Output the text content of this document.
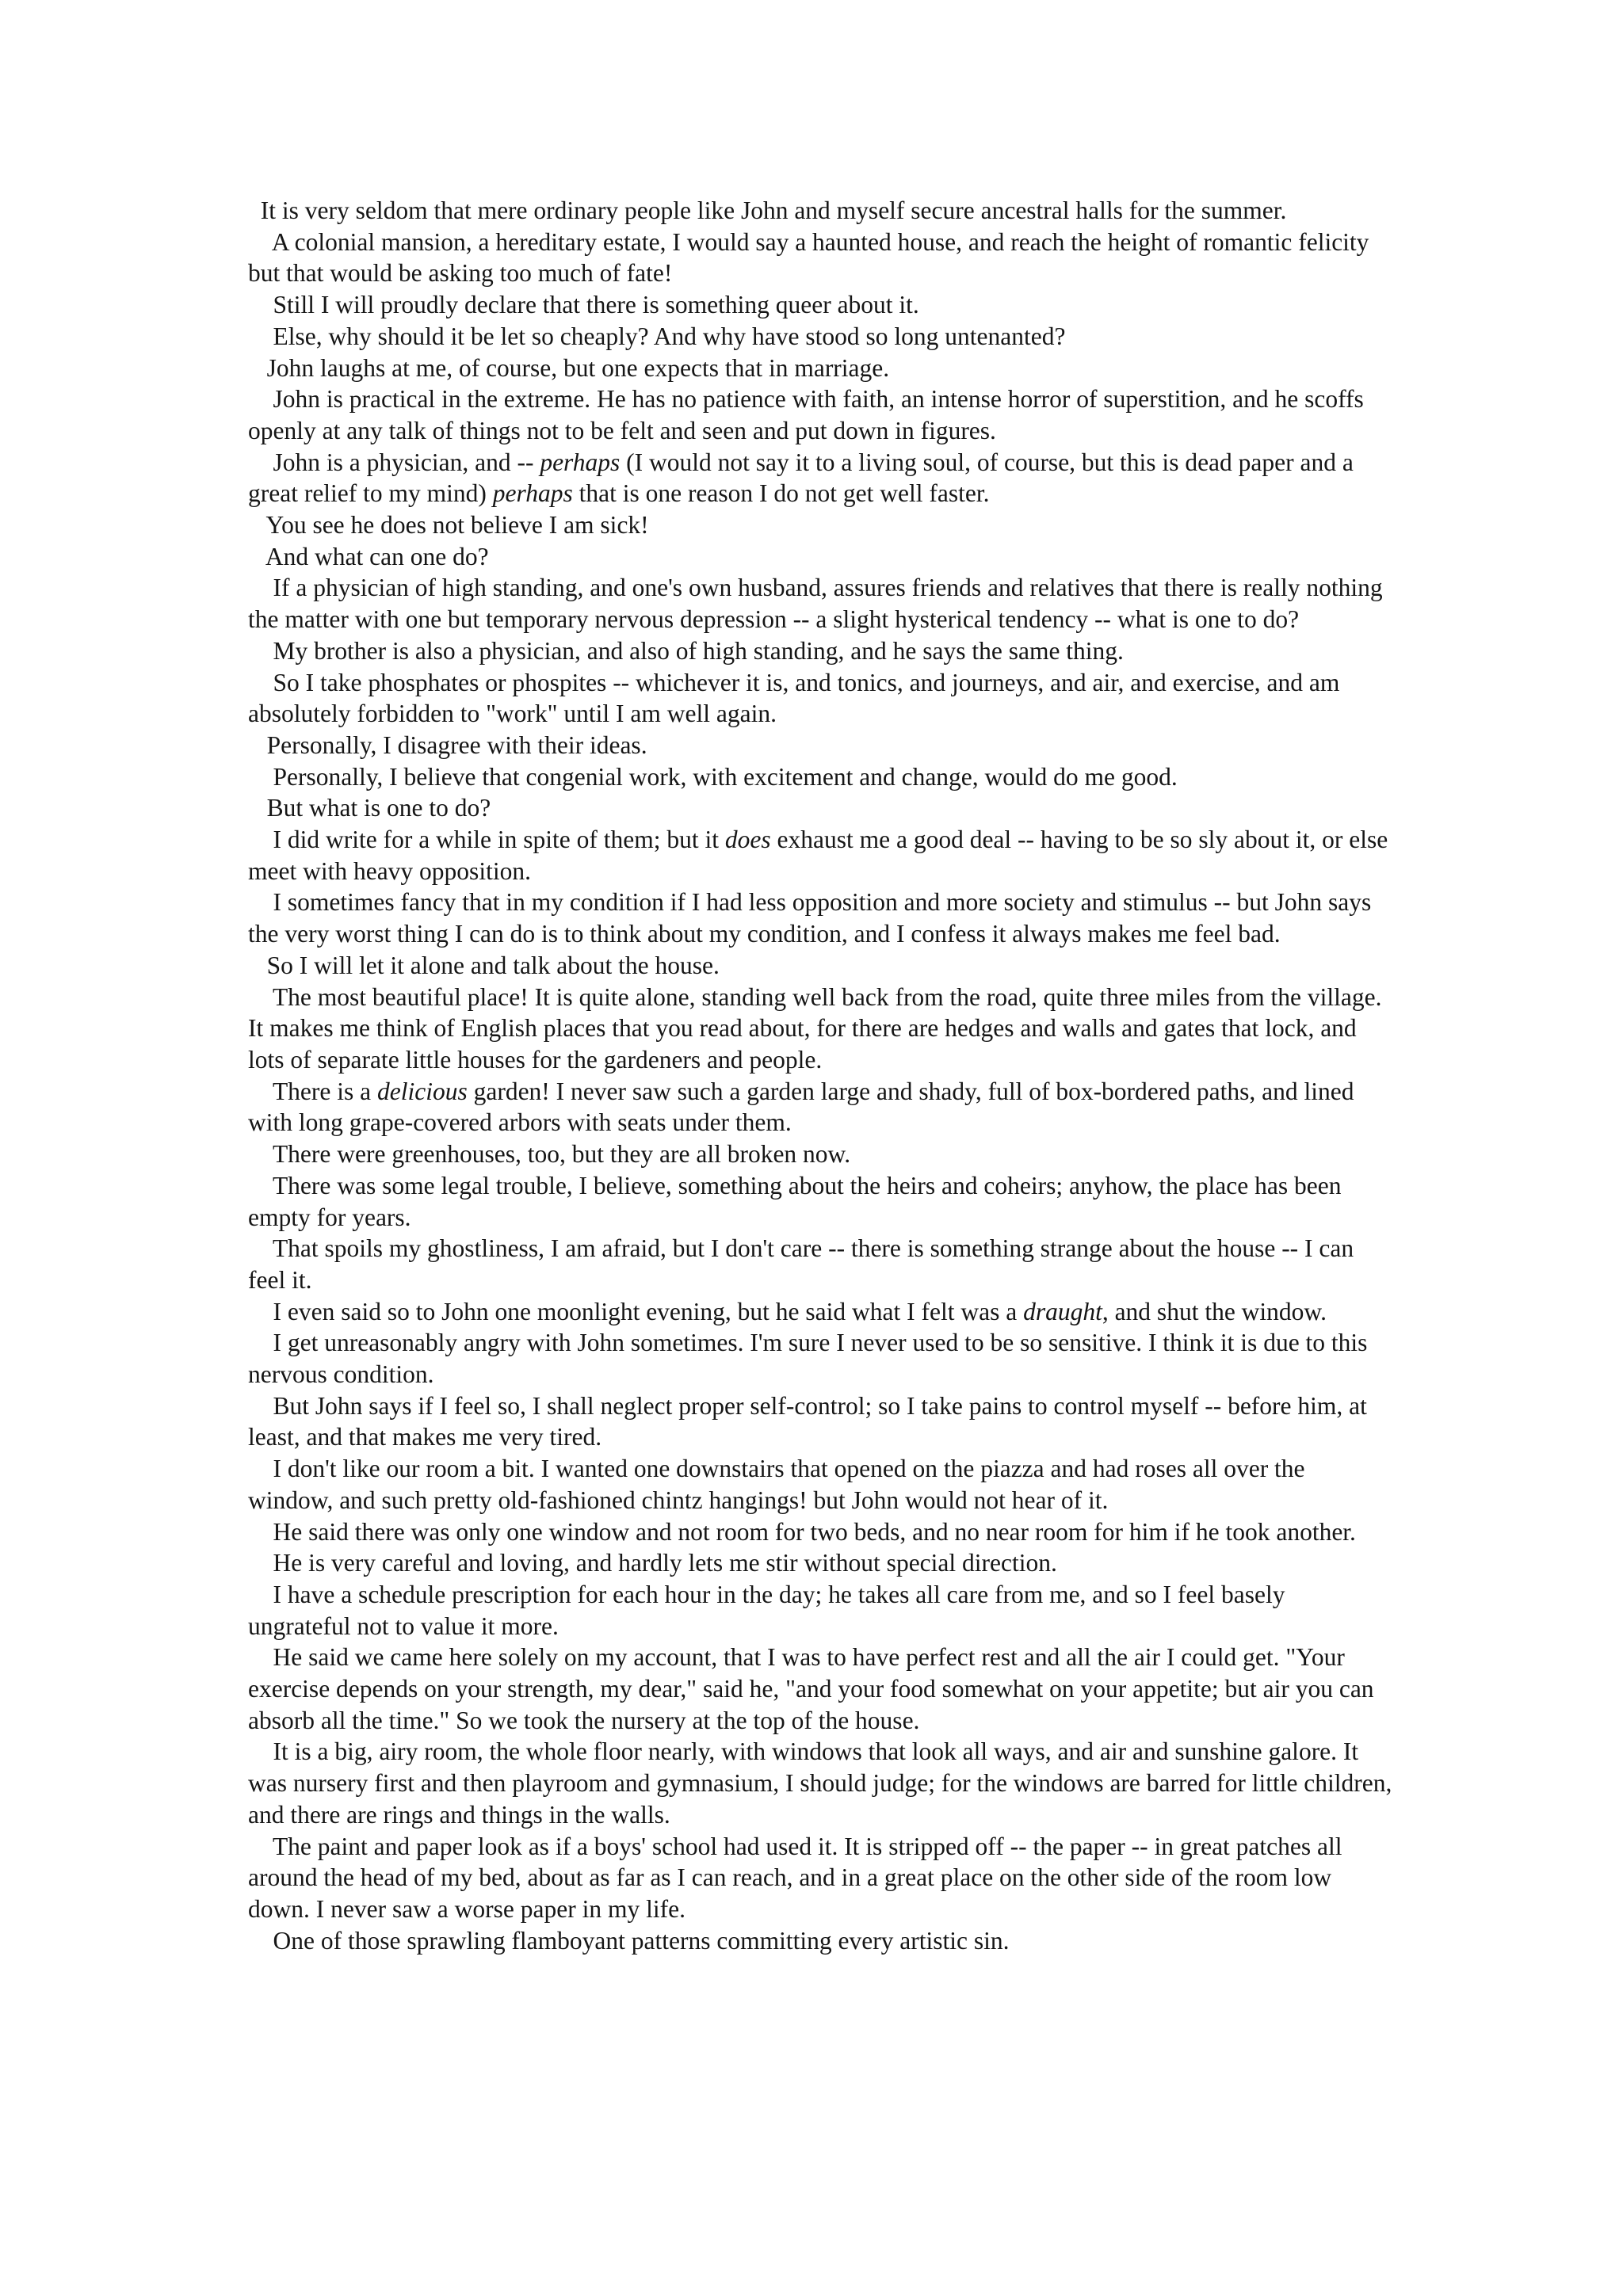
It is very seldom that mere ordinary people like John and myself secure ancestral halls for the summer.

A colonial mansion, a hereditary estate, I would say a haunted house, and reach the height of romantic felicity but that would be asking too much of fate!

Still I will proudly declare that there is something queer about it.

Else, why should it be let so cheaply? And why have stood so long untenanted?

John laughs at me, of course, but one expects that in marriage.

John is practical in the extreme. He has no patience with faith, an intense horror of superstition, and he scoffs openly at any talk of things not to be felt and seen and put down in figures.

John is a physician, and -- perhaps (I would not say it to a living soul, of course, but this is dead paper and a great relief to my mind) perhaps that is one reason I do not get well faster.

You see he does not believe I am sick!

And what can one do?

If a physician of high standing, and one's own husband, assures friends and relatives that there is really nothing the matter with one but temporary nervous depression -- a slight hysterical tendency -- what is one to do?

My brother is also a physician, and also of high standing, and he says the same thing.

So I take phosphates or phospites -- whichever it is, and tonics, and journeys, and air, and exercise, and am absolutely forbidden to "work" until I am well again.

Personally, I disagree with their ideas.

Personally, I believe that congenial work, with excitement and change, would do me good.

But what is one to do?

I did write for a while in spite of them; but it does exhaust me a good deal -- having to be so sly about it, or else meet with heavy opposition.

I sometimes fancy that in my condition if I had less opposition and more society and stimulus -- but John says the very worst thing I can do is to think about my condition, and I confess it always makes me feel bad.

So I will let it alone and talk about the house.

The most beautiful place! It is quite alone, standing well back from the road, quite three miles from the village. It makes me think of English places that you read about, for there are hedges and walls and gates that lock, and lots of separate little houses for the gardeners and people.

There is a delicious garden! I never saw such a garden large and shady, full of box-bordered paths, and lined with long grape-covered arbors with seats under them.

There were greenhouses, too, but they are all broken now.

There was some legal trouble, I believe, something about the heirs and coheirs; anyhow, the place has been empty for years.

That spoils my ghostliness, I am afraid, but I don't care -- there is something strange about the house -- I can feel it.

I even said so to John one moonlight evening, but he said what I felt was a draught, and shut the window.

I get unreasonably angry with John sometimes. I'm sure I never used to be so sensitive. I think it is due to this nervous condition.

But John says if I feel so, I shall neglect proper self-control; so I take pains to control myself -- before him, at least, and that makes me very tired.

I don't like our room a bit. I wanted one downstairs that opened on the piazza and had roses all over the window, and such pretty old-fashioned chintz hangings! but John would not hear of it.

He said there was only one window and not room for two beds, and no near room for him if he took another.

He is very careful and loving, and hardly lets me stir without special direction.

I have a schedule prescription for each hour in the day; he takes all care from me, and so I feel basely ungrateful not to value it more.

He said we came here solely on my account, that I was to have perfect rest and all the air I could get. "Your exercise depends on your strength, my dear," said he, "and your food somewhat on your appetite; but air you can absorb all the time." So we took the nursery at the top of the house.

It is a big, airy room, the whole floor nearly, with windows that look all ways, and air and sunshine galore. It was nursery first and then playroom and gymnasium, I should judge; for the windows are barred for little children, and there are rings and things in the walls.

The paint and paper look as if a boys' school had used it. It is stripped off -- the paper -- in great patches all around the head of my bed, about as far as I can reach, and in a great place on the other side of the room low down. I never saw a worse paper in my life.

One of those sprawling flamboyant patterns committing every artistic sin.
